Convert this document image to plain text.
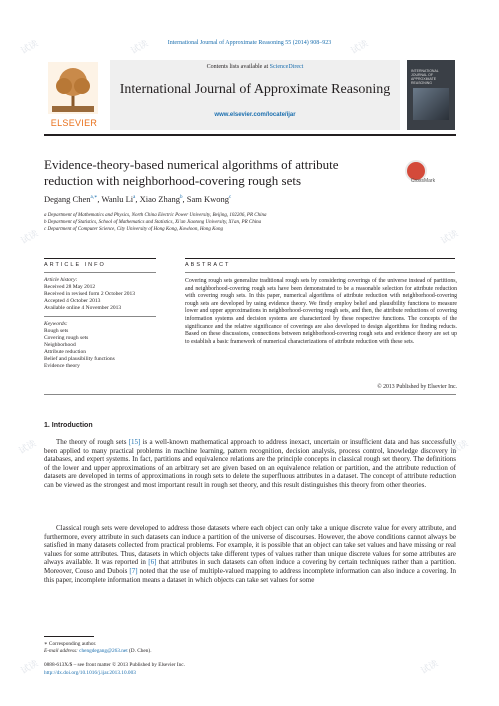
试读	试读	试读
试读	试读
试读	试读
试读	试读
International Journal of Approximate Reasoning 55 (2014) 908–923
ELSEVIER
Contents lists available at ScienceDirect
International Journal of Approximate Reasoning
www.elsevier.com/locate/ijar
INTERNATIONAL JOURNAL OF APPROXIMATE REASONING
Evidence-theory-based numerical algorithms of attribute
reduction with neighborhood-covering rough sets	CrossMark
Degang Chen$^{a,∗}$, Wanlu Li$^a$, Xiao Zhang$^b$, Sam Kwong$^c$
a Department of Mathematics and Physics, North China Electric Power University, Beijing, 102206, PR China
b Department of Statistics, School of Mathematics and Statistics, Xi'an Jiaotong University, Xi'an, PR China
c Department of Computer Science, City University of Hong Kong, Kowloon, Hong Kong
ARTICLE INFO	ABSTRACT
Article history:
Received 28 May 2012
Received in revised form 2 October 2013
Accepted 4 October 2013
Available online 4 November 2013
Keywords:
Rough sets
Covering rough sets
Neighborhood
Attribute reduction
Belief and plausibility functions
Evidence theory
Covering rough sets generalize traditional rough sets by considering coverings of the universe instead of partitions, and neighborhood-covering rough sets have been demonstrated to be a reasonable selection for attribute reduction with covering rough sets. In this paper, numerical algorithms of attribute reduction with neighborhood-covering rough sets are developed by using evidence theory. We firstly employ belief and plausibility functions to measure lower and upper approximations in neighborhood-covering rough sets, and then, the attribute reductions of covering information systems and decision systems are characterized by these respective functions. The concepts of the significance and the relative significance of coverings are also developed to design algorithms for finding reducts. Based on these discussions, connections between neighborhood-covering rough sets and evidence theory are set up to establish a basic framework of numerical characterizations of attribute reduction with these sets.
© 2013 Published by Elsevier Inc.
1. Introduction
The theory of rough sets [15] is a well-known mathematical approach to address inexact, uncertain or insufficient data and has successfully been applied to many practical problems in machine learning, pattern recognition, decision analysis, process control, knowledge discovery in databases, and expert systems. In fact, partitions and equivalence relations are the principle concepts in classical rough set theory. The definitions of the lower and upper approximations of an arbitrary set are given based on an equivalence relation or partition, and the attribute reduction of datasets are developed in terms of approximations in rough sets to delete the superfluous attributes in a dataset. The concept of attribute reduction can be viewed as the strongest and most important result in rough set theory, and this result distinguishes this theory from other theories.
Classical rough sets were developed to address those datasets where each object can only take a unique discrete value for every attribute, and furthermore, every attribute in such datasets can induce a partition of the universe of discourses. However, the above conditions cannot always be satisfied in many datasets collected from practical problems. For example, it is possible that an object can take set values and have missing or real values for some attributes. Thus, datasets in which objects take different types of values rather than unique discrete values for some attributes are always available. It was reported in [6] that attributes in such datasets can often induce a covering by certain techniques rather than a partition. Moreover, Couso and Dubois [7] noted that the use of multiple-valued mapping to address incomplete information can also induce a covering. In this paper, incomplete information means a dataset in which objects can take set values for some
∗ Corresponding author.
E-mail address: chengdegang@263.net (D. Chen).
0888-613X/$ – see front matter © 2013 Published by Elsevier Inc.
http://dx.doi.org/10.1016/j.ijar.2013.10.003
